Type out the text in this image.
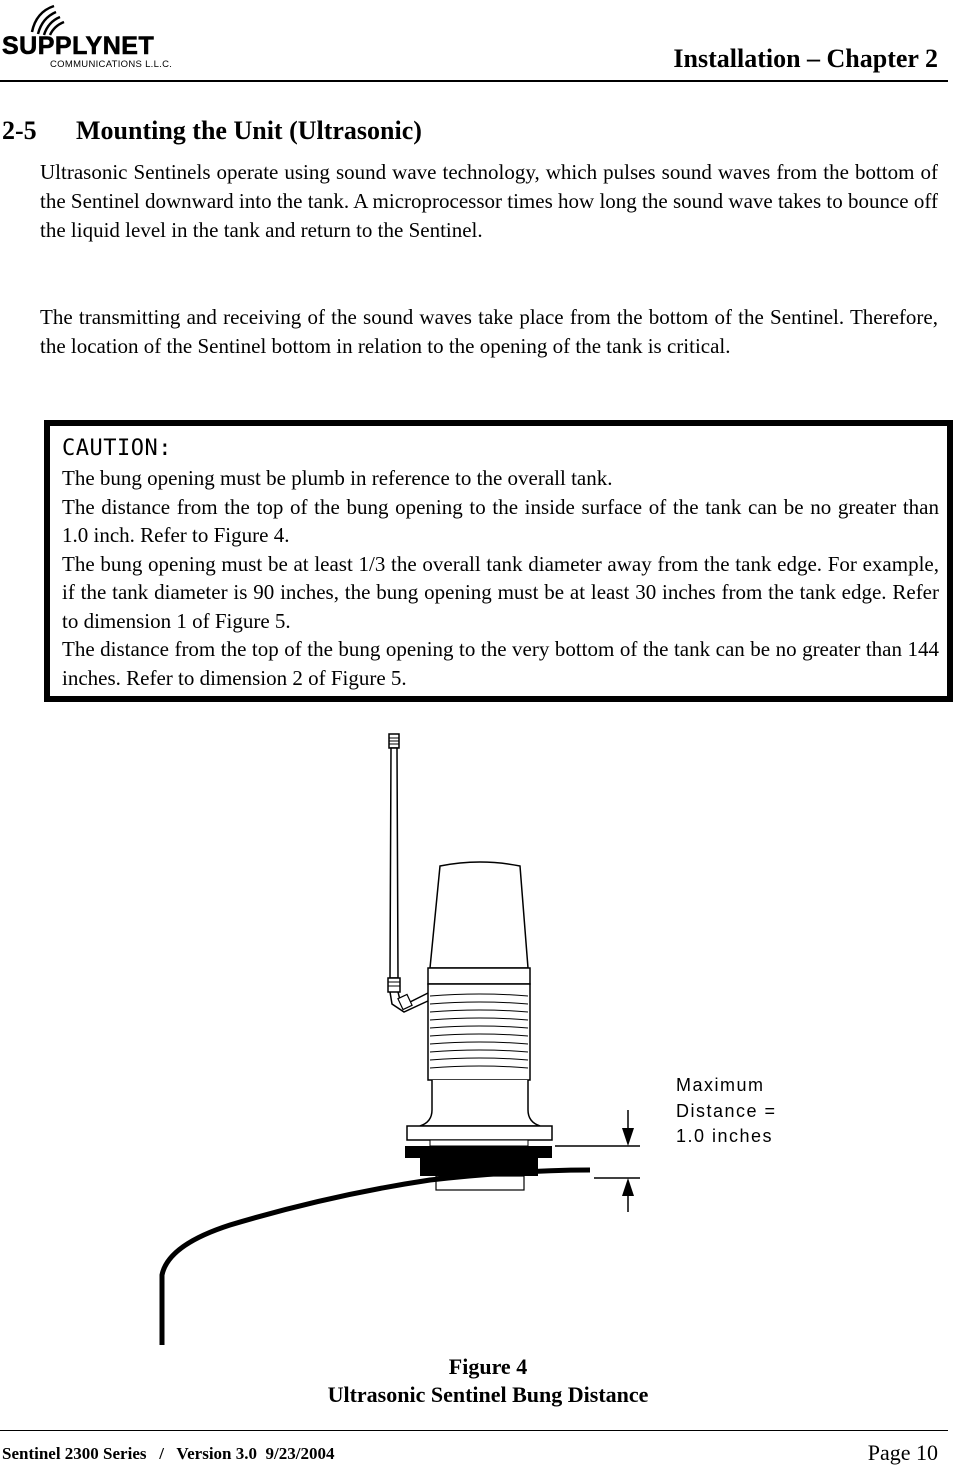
SUPPLYNET
COMMUNICATIONS L.L.C.	Installation – Chapter 2
2-5 Mounting the Unit (Ultrasonic)

Ultrasonic Sentinels operate using sound wave technology, which pulses sound waves from the bottom of the Sentinel downward into the tank. A microprocessor times how long the sound wave takes to bounce off the liquid level in the tank and return to the Sentinel.

The transmitting and receiving of the sound waves take place from the bottom of the Sentinel. Therefore, the location of the Sentinel bottom in relation to the opening of the tank is critical.

CAUTION:

The bung opening must be plumb in reference to the overall tank.

The distance from the top of the bung opening to the inside surface of the tank can be no greater than 1.0 inch. Refer to Figure 4.

The bung opening must be at least 1/3 the overall tank diameter away from the tank edge. For example, if the tank diameter is 90 inches, the bung opening must be at least 30 inches from the tank edge. Refer to dimension 1 of Figure 5.

The distance from the top of the bung opening to the very bottom of the tank can be no greater than 144 inches. Refer to dimension 2 of Figure 5.

Maximum
Distance =
1.0 inches
Figure 4
Ultrasonic Sentinel Bung Distance
Sentinel 2300 Series   /   Version 3.0  9/23/2004	Page 10
